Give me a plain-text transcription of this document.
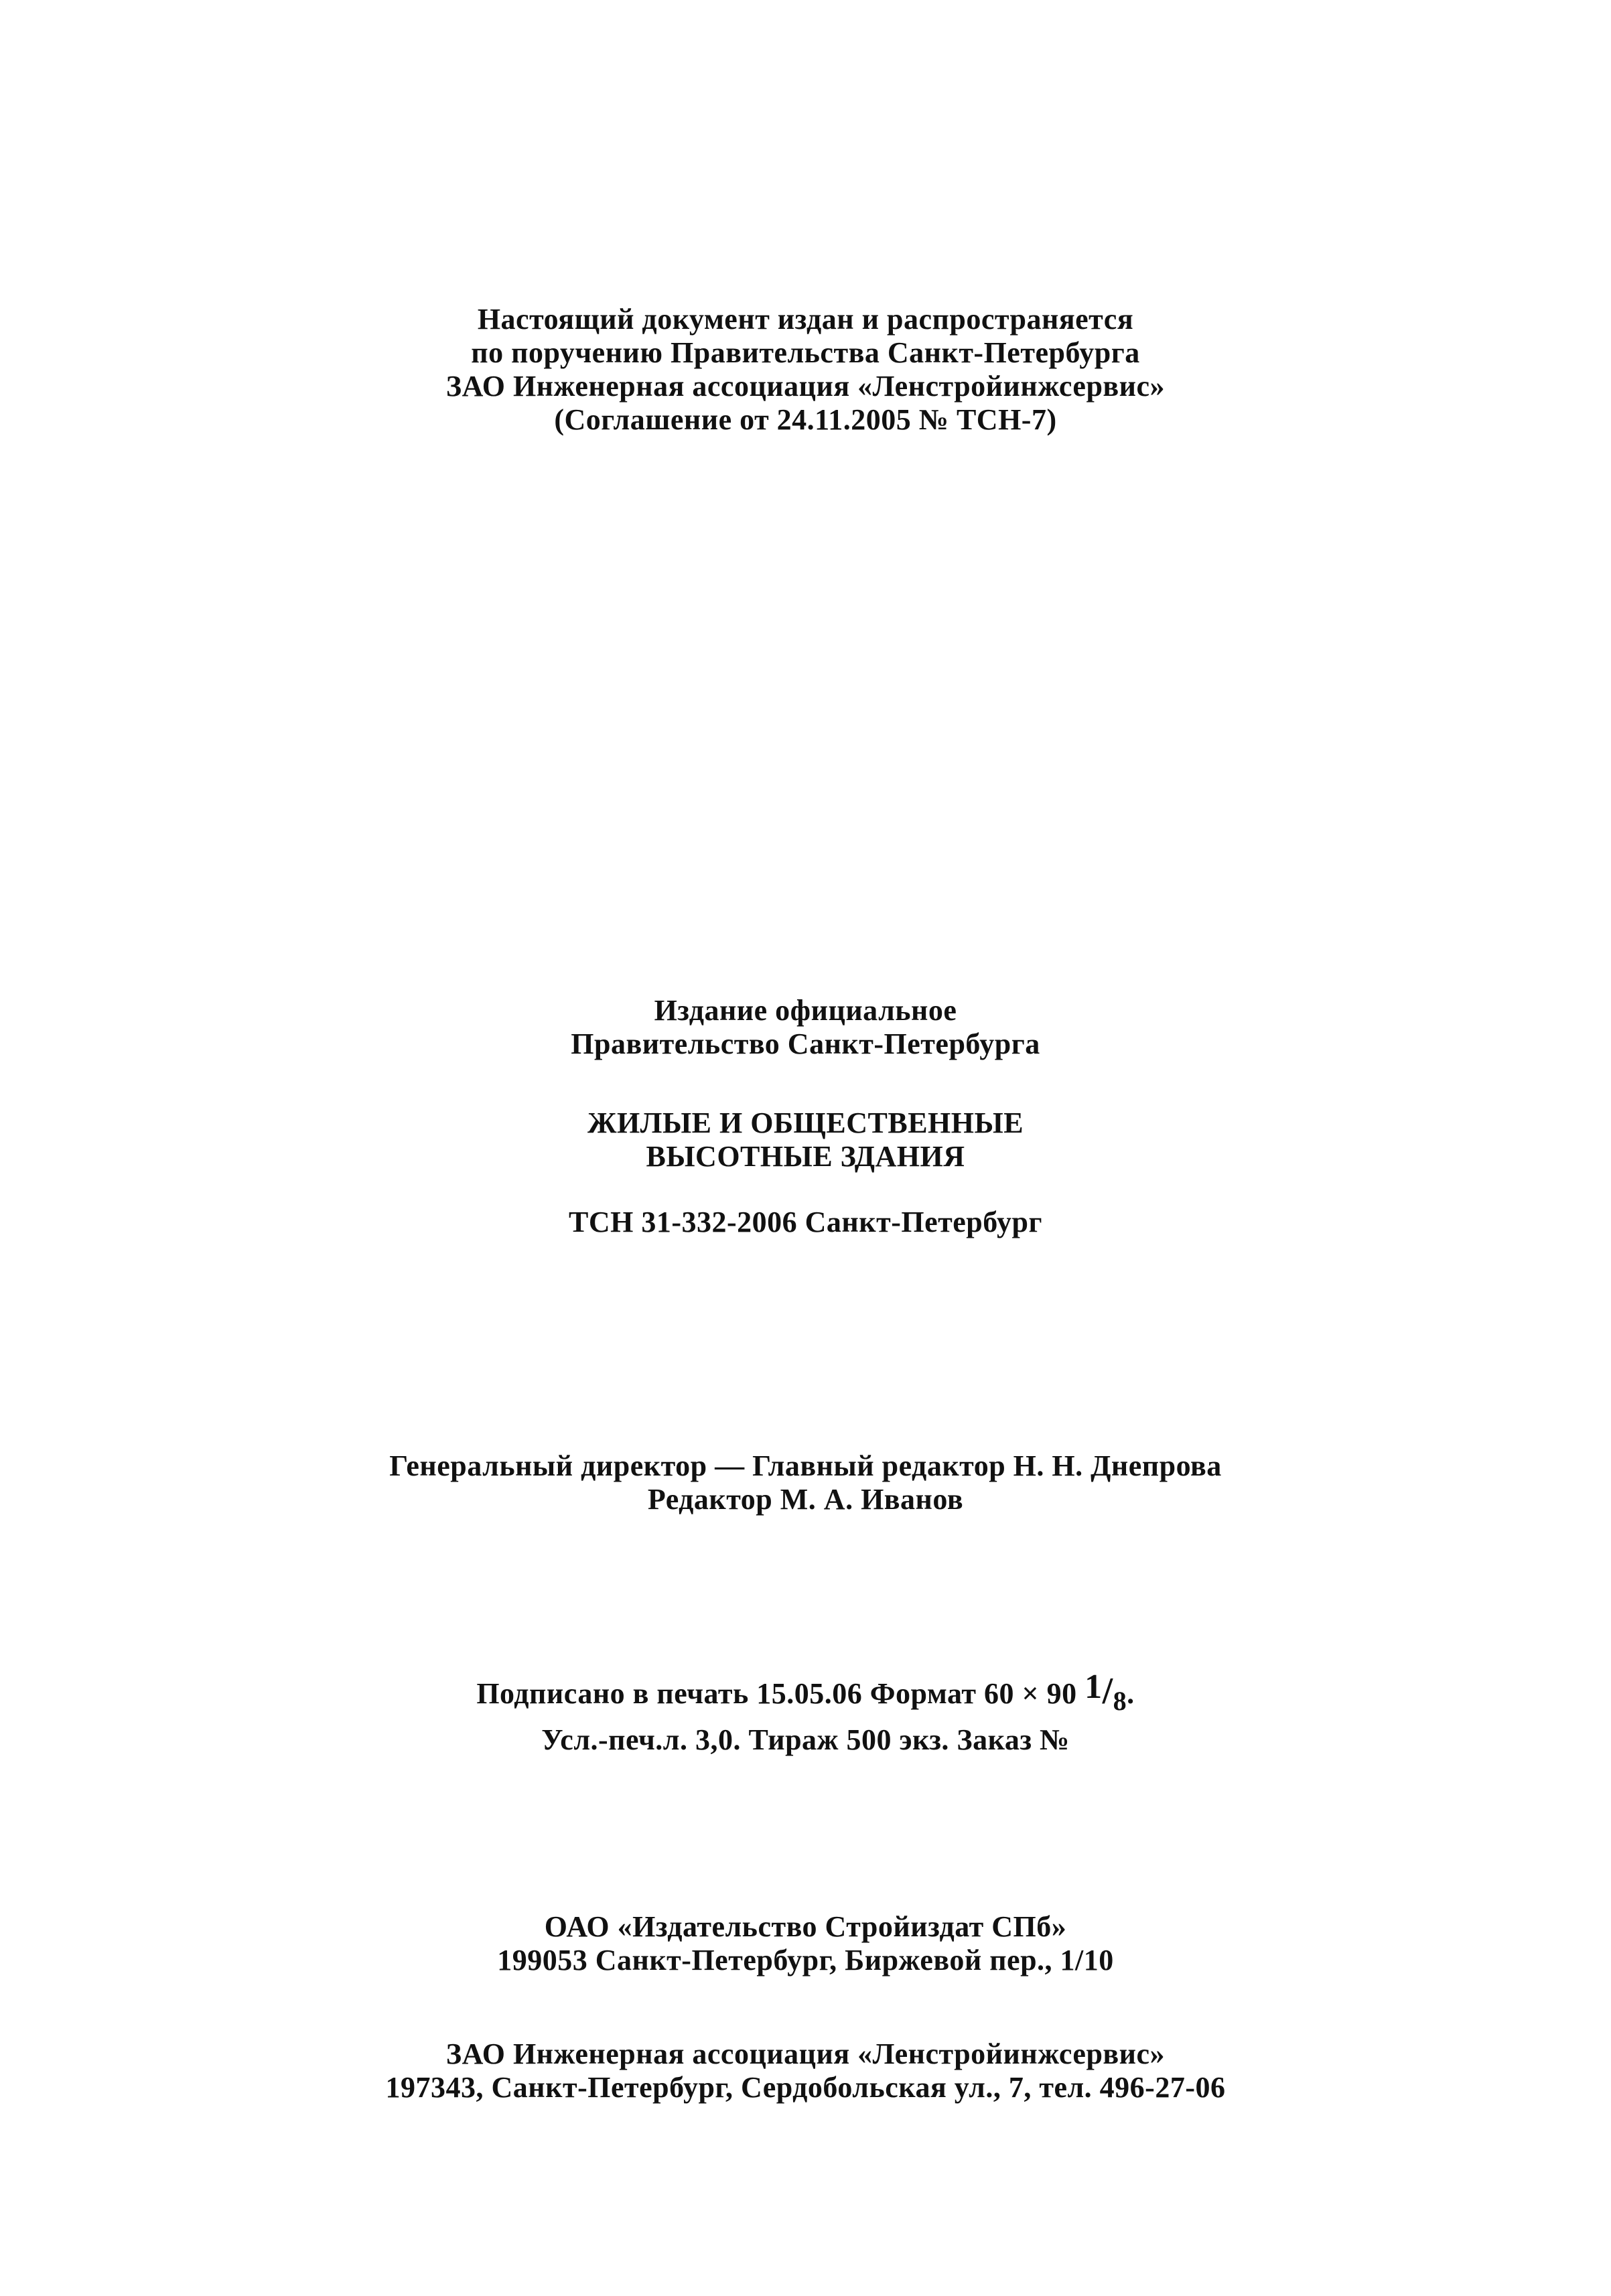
Настоящий документ издан и распространяется
по поручению Правительства Санкт-Петербурга
ЗАО Инженерная ассоциация «Ленстройинжсервис»
(Соглашение от 24.11.2005 № ТСН-7)
Издание официальное
Правительство Санкт-Петербурга
ЖИЛЫЕ И ОБЩЕСТВЕННЫЕ
ВЫСОТНЫЕ ЗДАНИЯ
ТСН 31-332-2006 Санкт-Петербург
Генеральный директор — Главный редактор Н. Н. Днепрова
Редактор М. А. Иванов
Подписано в печать 15.05.06 Формат 60 × 90 1/8.
Усл.-печ.л. 3,0. Тираж 500 экз. Заказ №
ОАО «Издательство Стройиздат СПб»
199053 Санкт-Петербург, Биржевой пер., 1/10
ЗАО Инженерная ассоциация «Ленстройинжсервис»
197343, Санкт-Петербург, Сердобольская ул., 7, тел. 496-27-06
